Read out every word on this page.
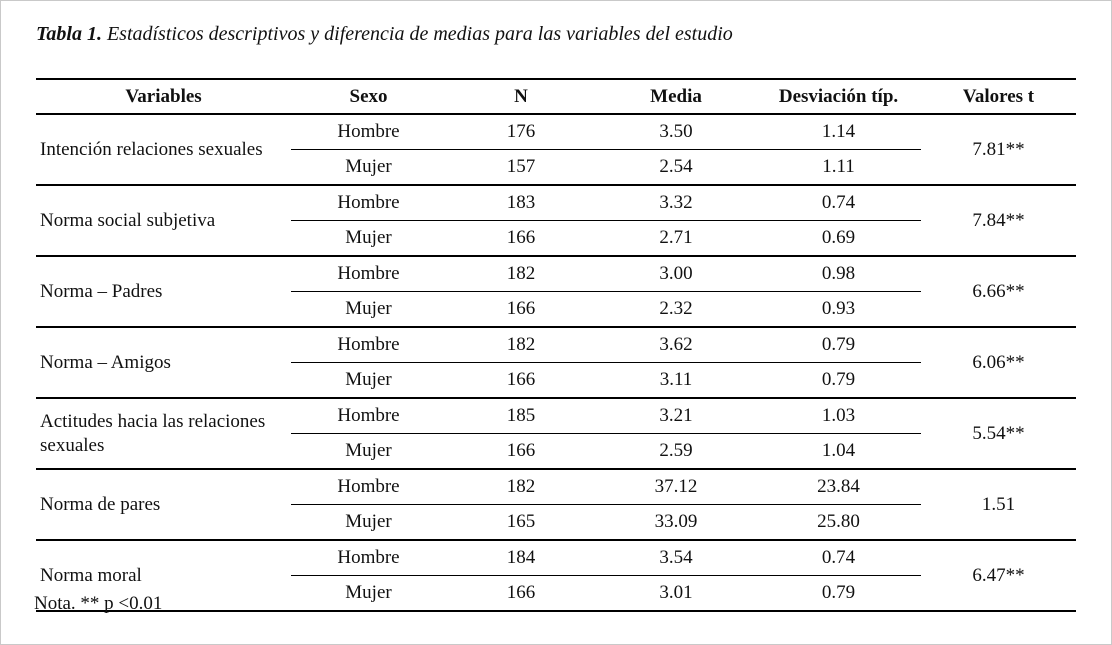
Tabla 1. Estadísticos descriptivos y diferencia de medias para las variables del estudio
Variables	Sexo	N	Media	Desviación típ.	Valores t
Intención relaciones sexuales	Hombre	176	3.50	1.14	7.81**
	Mujer	157	2.54	1.11	
Norma social subjetiva	Hombre	183	3.32	0.74	7.84**
	Mujer	166	2.71	0.69	
Norma – Padres	Hombre	182	3.00	0.98	6.66**
	Mujer	166	2.32	0.93	
Norma – Amigos	Hombre	182	3.62	0.79	6.06**
	Mujer	166	3.11	0.79	
Actitudes hacia las relaciones sexuales	Hombre	185	3.21	1.03	5.54**
	Mujer	166	2.59	1.04	
Norma de pares	Hombre	182	37.12	23.84	1.51
	Mujer	165	33.09	25.80	
Norma moral	Hombre	184	3.54	0.74	6.47**
	Mujer	166	3.01	0.79	
Nota. ** p <0.01
